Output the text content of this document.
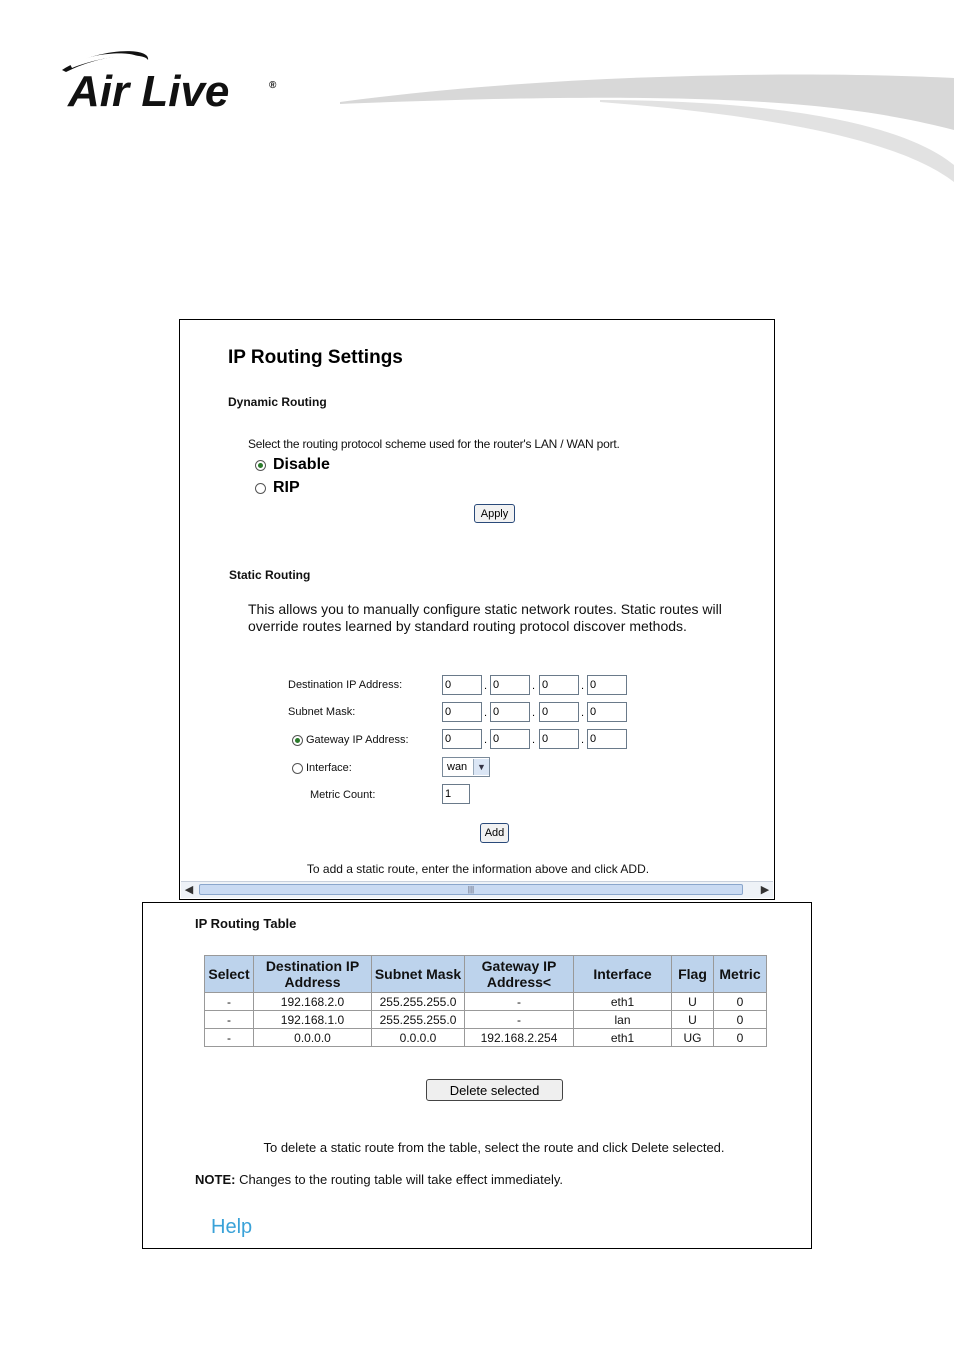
Air Live	®
IP Routing Settings
Dynamic Routing
Select the routing protocol scheme used for the router's LAN / WAN port.
Disable
RIP
Apply
Static Routing
This allows you to manually configure static network routes. Static routes will override routes learned by standard routing protocol discover methods.
Destination IP Address:
0	.
0	.
0	.
0
Subnet Mask:
0	.
0	.
0	.
0
Gateway IP Address:
0	.
0	.
0	.
0
Interface:	wan	▼
Metric Count:
1
Add
To add a static route, enter the information above and click ADD.
◀	|||	▶
IP Routing Table
Select	Destination IP Address	Subnet Mask	Gateway IP Address<	Interface	Flag	Metric
-	192.168.2.0	255.255.255.0	-	eth1	U	0
-	192.168.1.0	255.255.255.0	-	lan	U	0
-	0.0.0.0	0.0.0.0	192.168.2.254	eth1	UG	0
Delete selected
To delete a static route from the table, select the route and click Delete selected.
NOTE: Changes to the routing table will take effect immediately.
Help
